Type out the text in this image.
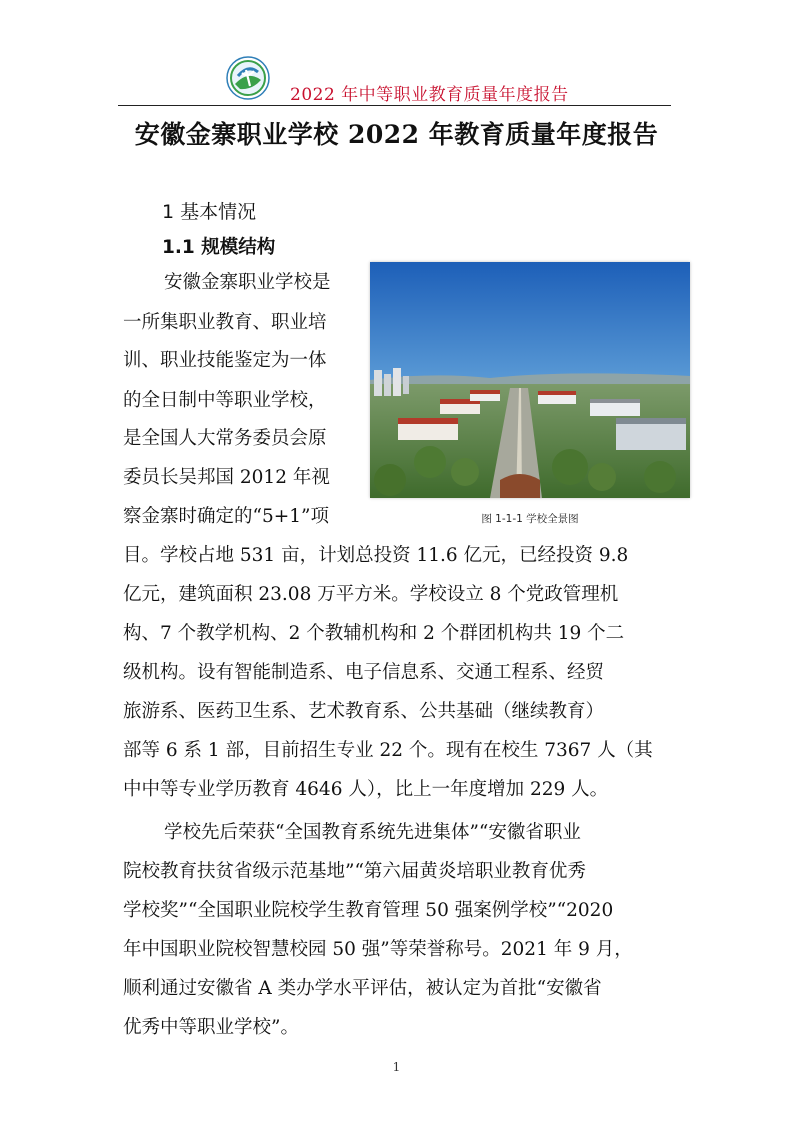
2022 年中等职业教育质量年度报告
安徽金寨职业学校 2022 年教育质量年度报告
1 基本情况
1.1 规模结构
图 1-1-1 学校全景图
安徽金寨职业学校是
一所集职业教育、职业培
训、职业技能鉴定为一体
的全日制中等职业学校，
是全国人大常务委员会原
委员长吴邦国 2012 年视
察金寨时确定的“5+1”项
目。学校占地 531 亩，计划总投资 11.6 亿元，已经投资 9.8
亿元，建筑面积 23.08 万平方米。学校设立 8 个党政管理机
构、7 个教学机构、2 个教辅机构和 2 个群团机构共 19 个二
级机构。设有智能制造系、电子信息系、交通工程系、经贸
旅游系、医药卫生系、艺术教育系、公共基础（继续教育）
部等 6 系 1 部，目前招生专业 22 个。现有在校生 7367 人（其
中中等专业学历教育 4646 人），比上一年度增加 229 人。
学校先后荣获“全国教育系统先进集体”“安徽省职业
院校教育扶贫省级示范基地”“第六届黄炎培职业教育优秀
学校奖”“全国职业院校学生教育管理 50 强案例学校”“2020
年中国职业院校智慧校园 50 强”等荣誉称号。2021 年 9 月，
顺利通过安徽省 A 类办学水平评估，被认定为首批“安徽省
优秀中等职业学校”。
1
